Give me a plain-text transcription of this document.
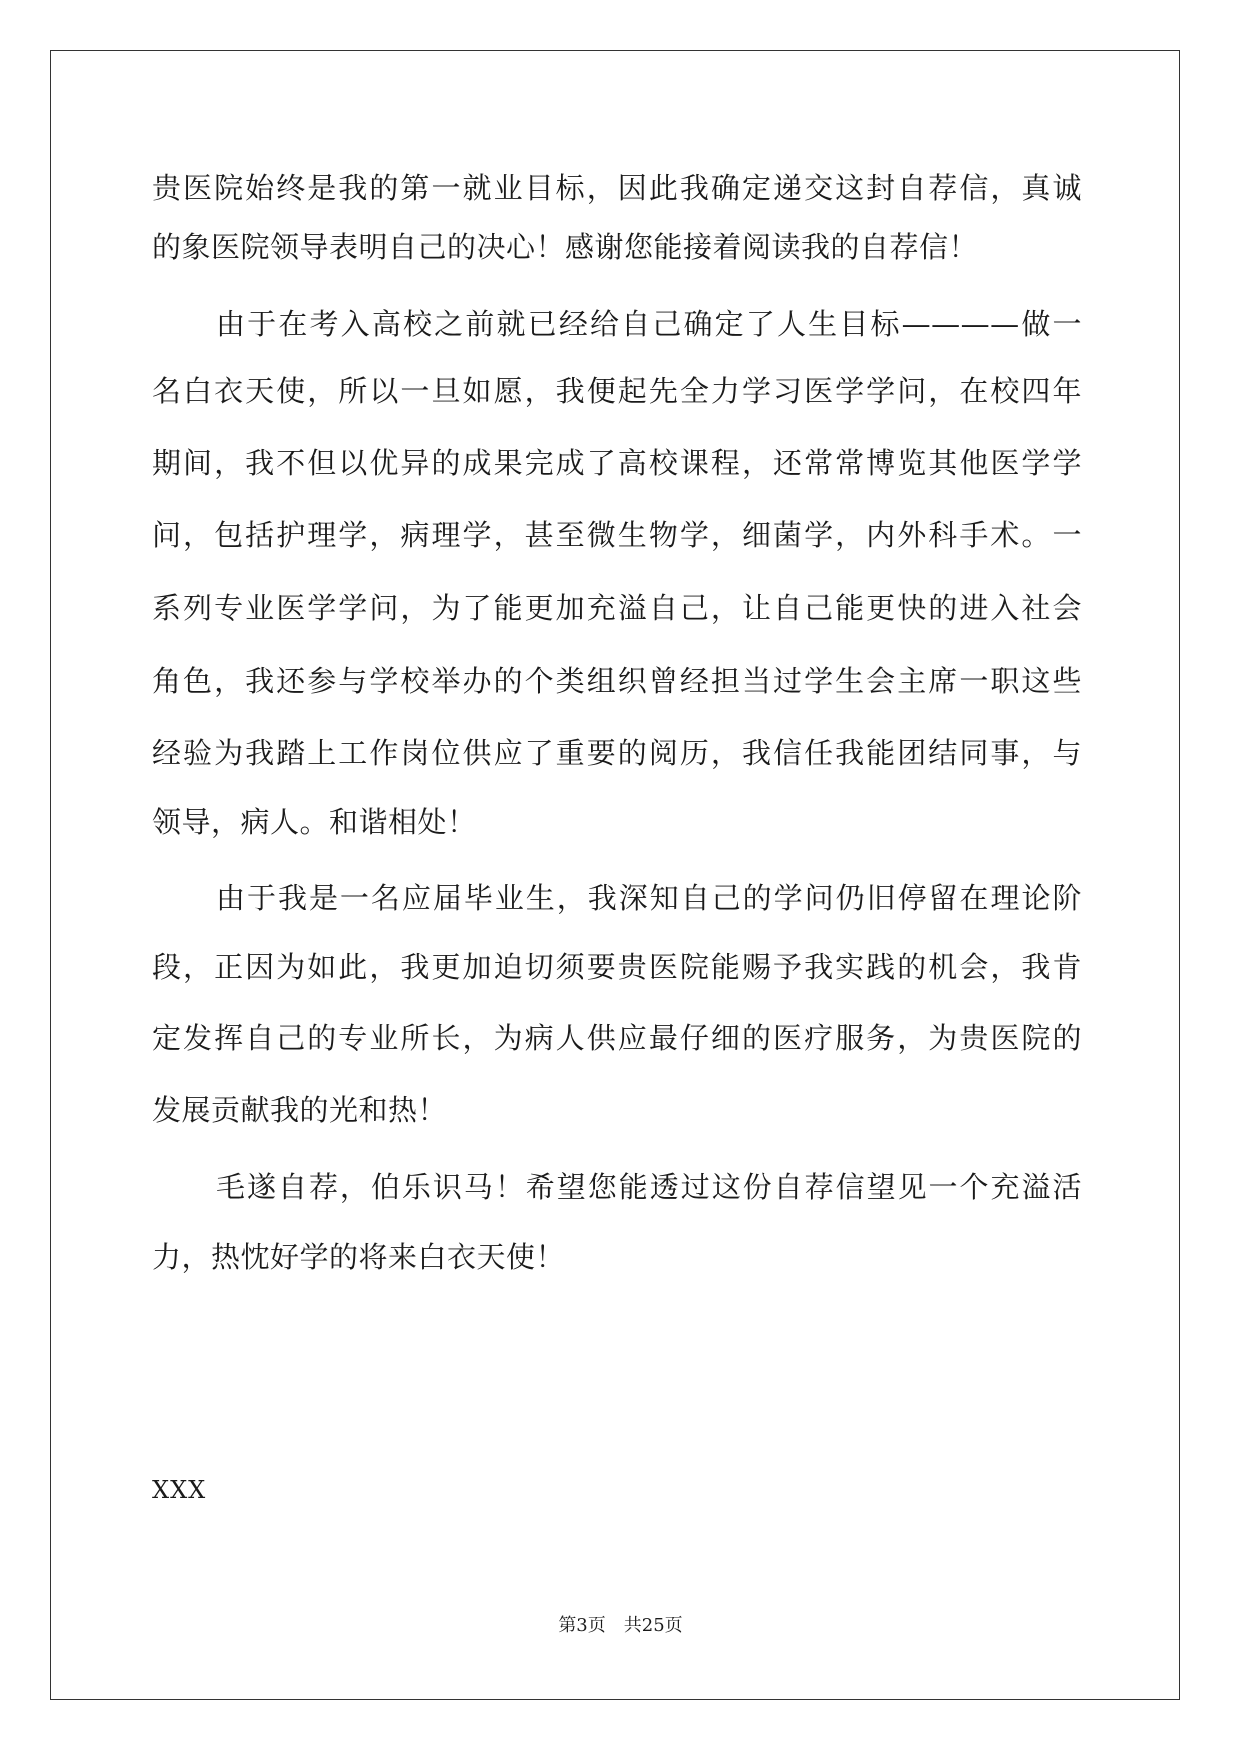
贵医院始终是我的第一就业目标，因此我确定递交这封自荐信，真诚
的象医院领导表明自己的决心！感谢您能接着阅读我的自荐信！
由于在考入高校之前就已经给自己确定了人生目标————做一
名白衣天使，所以一旦如愿，我便起先全力学习医学学问，在校四年
期间，我不但以优异的成果完成了高校课程，还常常博览其他医学学
问，包括护理学，病理学，甚至微生物学，细菌学，内外科手术。一
系列专业医学学问，为了能更加充溢自己，让自己能更快的进入社会
角色，我还参与学校举办的个类组织曾经担当过学生会主席一职这些
经验为我踏上工作岗位供应了重要的阅历，我信任我能团结同事，与
领导，病人。和谐相处！
由于我是一名应届毕业生，我深知自己的学问仍旧停留在理论阶
段，正因为如此，我更加迫切须要贵医院能赐予我实践的机会，我肯
定发挥自己的专业所长，为病人供应最仔细的医疗服务，为贵医院的
发展贡献我的光和热！
毛遂自荐，伯乐识马！希望您能透过这份自荐信望见一个充溢活
力，热忱好学的将来白衣天使！
XXX
第3页　共25页
